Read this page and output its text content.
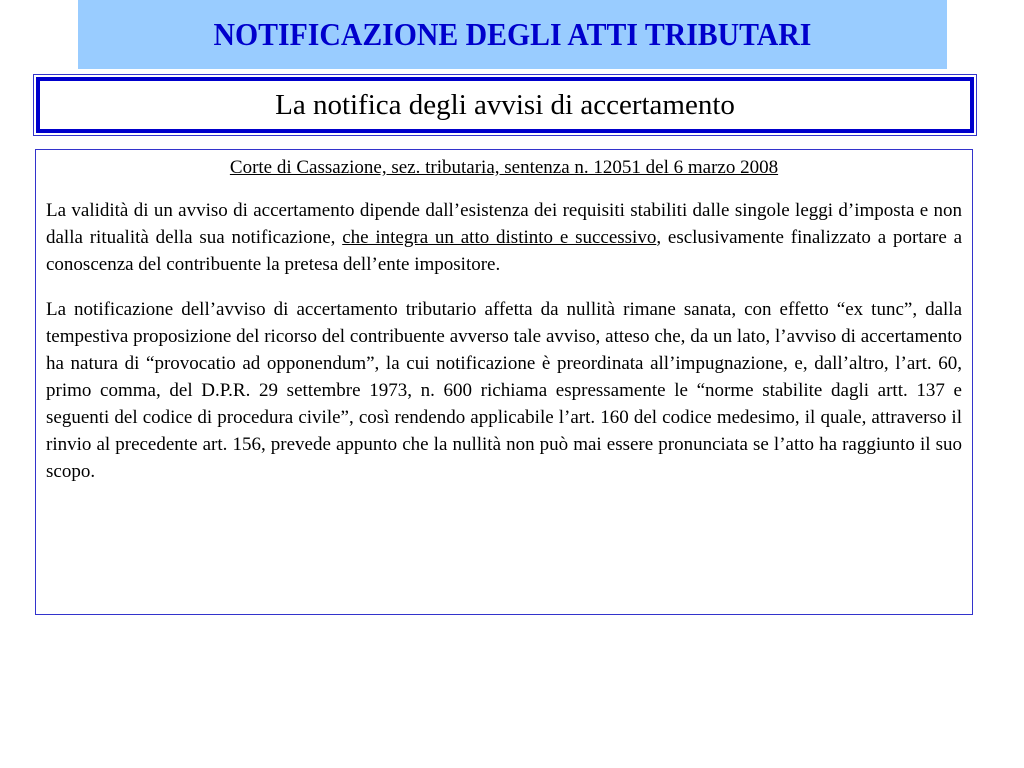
NOTIFICAZIONE DEGLI ATTI TRIBUTARI
La notifica degli avvisi di accertamento

Corte di Cassazione, sez. tributaria, sentenza n. 12051 del 6 marzo 2008

La validità di un avviso di accertamento dipende dall’esistenza dei requisiti stabiliti dalle singole leggi d’imposta e non dalla ritualità della sua notificazione, che integra un atto distinto e successivo, esclusivamente finalizzato a portare a conoscenza del contribuente la pretesa dell’ente impositore.

La notificazione dell’avviso di accertamento tributario affetta da nullità rimane sanata, con effetto “ex tunc”, dalla tempestiva proposizione del ricorso del contribuente avverso tale avviso, atteso che, da un lato, l’avviso di accertamento ha natura di “provocatio ad opponendum”, la cui notificazione è preordinata all’impugnazione, e, dall’altro, l’art. 60, primo comma, del D.P.R. 29 settembre 1973, n. 600 richiama espressamente le “norme stabilite dagli artt. 137 e seguenti del codice di procedura civile”, così rendendo applicabile l’art. 160 del codice medesimo, il quale, attraverso il rinvio al precedente art. 156, prevede appunto che la nullità non può mai essere pronunciata se l’atto ha raggiunto il suo scopo.
